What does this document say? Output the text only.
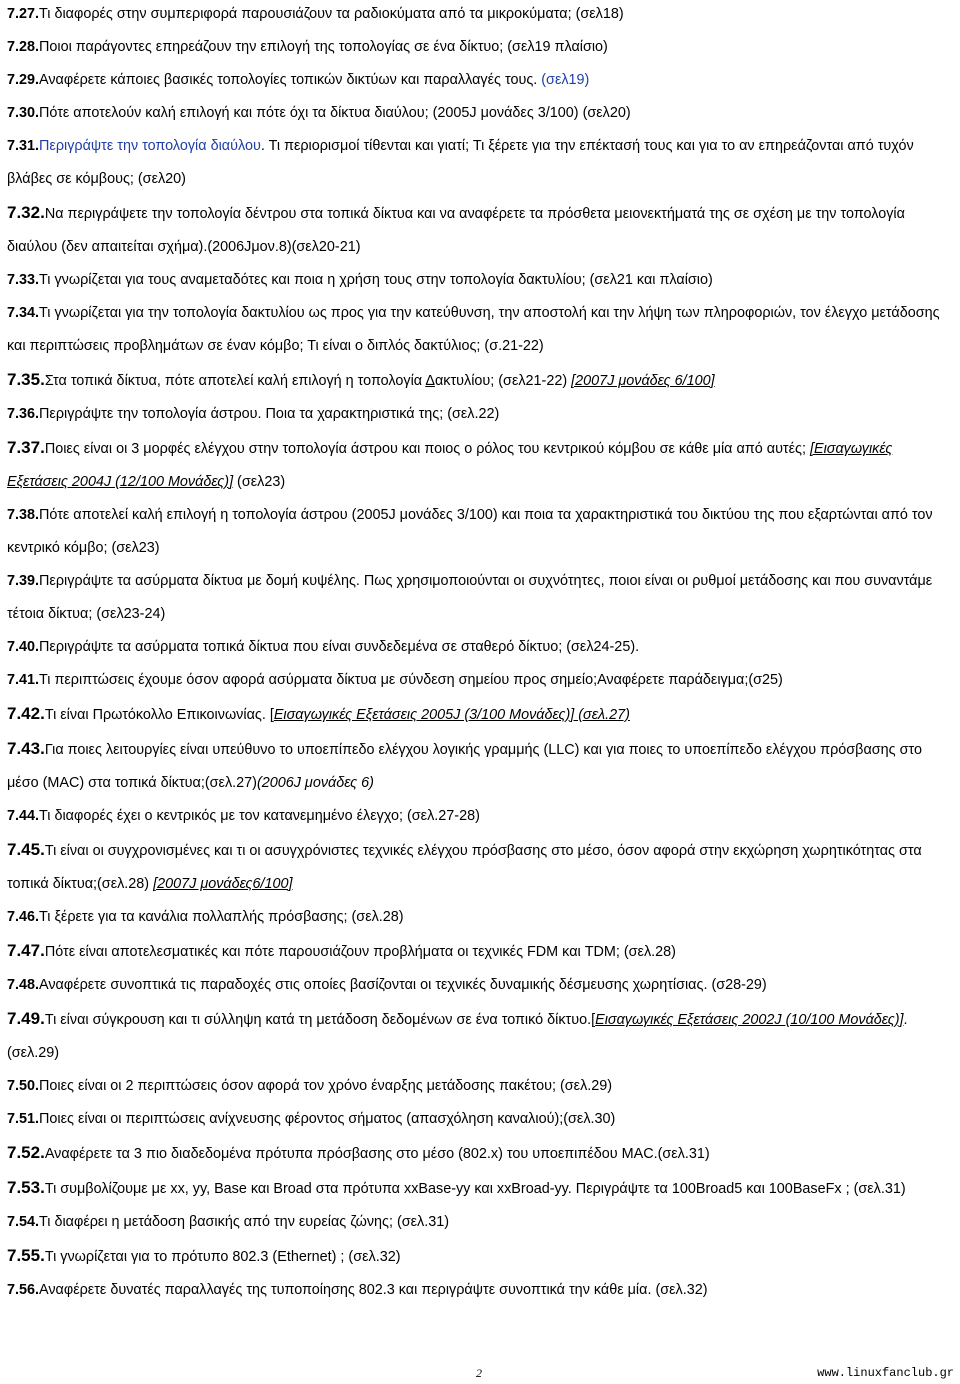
7.27.Τι διαφορές στην συμπεριφορά παρουσιάζουν τα ραδιοκύματα από τα μικροκύματα; (σελ18)

7.28.Ποιοι παράγοντες επηρεάζουν την επιλογή της τοπολογίας σε ένα δίκτυο; (σελ19 πλαίσιο)

7.29.Αναφέρετε κάποιες βασικές τοπολογίες τοπικών δικτύων και παραλλαγές τους. (σελ19)

7.30.Πότε αποτελούν καλή επιλογή και πότε όχι τα δίκτυα διαύλου; (2005J μονάδες 3/100) (σελ20)

7.31.Περιγράψτε την τοπολογία διαύλου. Τι περιορισμοί τίθενται και γιατί; Τι ξέρετε για την επέκτασή τους και για το αν επηρεάζονται από τυχόν βλάβες σε κόμβους; (σελ20)

7.32.Να περιγράψετε την τοπολογία δέντρου στα τοπικά δίκτυα και να αναφέρετε τα πρόσθετα μειονεκτήματά της σε σχέση με την τοπολογία διαύλου (δεν απαιτείται σχήμα).(2006Jμον.8)(σελ20-21)

7.33.Τι γνωρίζεται για τους αναμεταδότες και ποια η χρήση τους στην τοπολογία δακτυλίου; (σελ21 και πλαίσιο)

7.34.Τι γνωρίζεται για την τοπολογία δακτυλίου ως προς για την κατεύθυνση, την αποστολή και την λήψη των πληροφοριών, τον έλεγχο μετάδοσης και περιπτώσεις προβλημάτων σε έναν κόμβο; Τι είναι ο διπλός δακτύλιος; (σ.21-22)

7.35.Στα τοπικά δίκτυα, πότε αποτελεί καλή επιλογή η τοπολογία Δακτυλίου; (σελ21-22) [2007J μονάδες 6/100]

7.36.Περιγράψτε την τοπολογία άστρου. Ποια τα χαρακτηριστικά της; (σελ.22)

7.37.Ποιες είναι οι 3 μορφές ελέγχου στην τοπολογία άστρου και ποιος ο ρόλος του κεντρικού κόμβου σε κάθε μία από αυτές; [Εισαγωγικές Εξετάσεις 2004J (12/100 Μονάδες)] (σελ23)

7.38.Πότε αποτελεί καλή επιλογή η τοπολογία άστρου (2005J μονάδες 3/100) και ποια τα χαρακτηριστικά του δικτύου της που εξαρτώνται από τον κεντρικό κόμβο; (σελ23)

7.39.Περιγράψτε τα ασύρματα δίκτυα με δομή κυψέλης. Πως χρησιμοποιούνται οι συχνότητες, ποιοι είναι οι ρυθμοί μετάδοσης και που συναντάμε τέτοια δίκτυα; (σελ23-24)

7.40.Περιγράψτε τα ασύρματα τοπικά δίκτυα που είναι συνδεδεμένα σε σταθερό δίκτυο; (σελ24-25).

7.41.Τι περιπτώσεις έχουμε όσον αφορά ασύρματα δίκτυα με σύνδεση σημείου προς σημείο;Αναφέρετε παράδειγμα;(σ25)

7.42.Τι είναι Πρωτόκολλο Επικοινωνίας. [Εισαγωγικές Εξετάσεις 2005J (3/100 Μονάδες)] (σελ.27)

7.43.Για ποιες λειτουργίες είναι υπεύθυνο το υποεπίπεδο ελέγχου λογικής γραμμής (LLC) και για ποιες το υποεπίπεδο ελέγχου πρόσβασης στο μέσο (MAC) στα τοπικά δίκτυα;(σελ.27)(2006J μονάδες 6)

7.44.Τι διαφορές έχει ο κεντρικός με τον κατανεμημένο έλεγχο; (σελ.27-28)

7.45.Τι είναι οι συγχρονισμένες και τι οι ασυγχρόνιστες τεχνικές ελέγχου πρόσβασης στο μέσο, όσον αφορά στην εκχώρηση χωρητικότητας στα τοπικά δίκτυα;(σελ.28) [2007J μονάδες6/100]

7.46.Τι ξέρετε για τα κανάλια πολλαπλής πρόσβασης; (σελ.28)

7.47.Πότε είναι αποτελεσματικές και πότε παρουσιάζουν προβλήματα οι τεχνικές FDM και TDM; (σελ.28)

7.48.Αναφέρετε συνοπτικά τις παραδοχές στις οποίες βασίζονται οι τεχνικές δυναμικής δέσμευσης χωρητίσιας. (σ28-29)

7.49.Τι είναι σύγκρουση και τι σύλληψη κατά τη μετάδοση δεδομένων σε ένα τοπικό δίκτυο.[Εισαγωγικές Εξετάσεις 2002J (10/100 Μονάδες)]. (σελ.29)

7.50.Ποιες είναι οι 2 περιπτώσεις όσον αφορά τον χρόνο έναρξης μετάδοσης πακέτου; (σελ.29)

7.51.Ποιες είναι οι περιπτώσεις ανίχνευσης φέροντος σήματος (απασχόληση καναλιού);(σελ.30)

7.52.Αναφέρετε τα 3 πιο διαδεδομένα πρότυπα πρόσβασης στο μέσο (802.x) του υποεπιπέδου MAC.(σελ.31)

7.53.Τι συμβολίζουμε με xx, yy, Base και Broad στα πρότυπα xxBase-yy και xxBroad-yy. Περιγράψτε τα 100Broad5 και 100BaseFx ; (σελ.31)

7.54.Τι διαφέρει η μετάδοση βασικής από την ευρείας ζώνης; (σελ.31)

7.55.Τι γνωρίζεται για το πρότυπο 802.3 (Ethernet) ; (σελ.32)

7.56.Αναφέρετε δυνατές παραλλαγές της τυποποίησης 802.3 και περιγράψτε συνοπτικά την κάθε μία. (σελ.32)

2	www.linuxfanclub.gr
